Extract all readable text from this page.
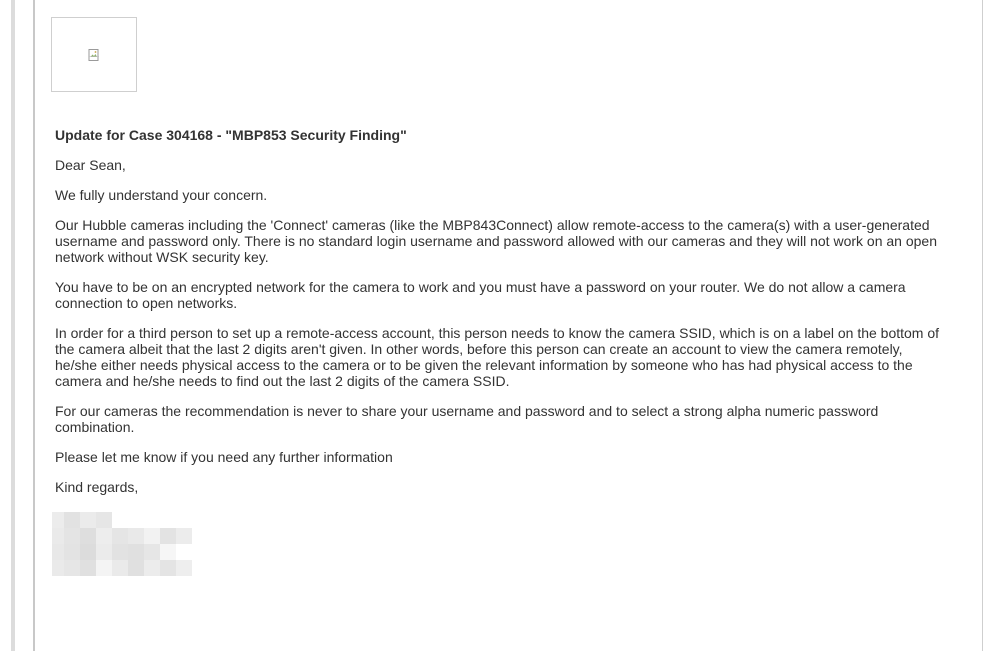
Update for Case 304168 - "MBP853 Security Finding"

Dear Sean,

We fully understand your concern.

Our Hubble cameras including the 'Connect' cameras (like the MBP843Connect) allow remote-access to the camera(s) with a user-generated username and password only. There is no standard login username and password allowed with our cameras and they will not work on an open network without WSK security key.

You have to be on an encrypted network for the camera to work and you must have a password on your router. We do not allow a camera connection to open networks.

In order for a third person to set up a remote-access account, this person needs to know the camera SSID, which is on a label on the bottom of the camera albeit that the last 2 digits aren't given. In other words, before this person can create an account to view the camera remotely, he/she either needs physical access to the camera or to be given the relevant information by someone who has had physical access to the camera and he/she needs to find out the last 2 digits of the camera SSID.

For our cameras the recommendation is never to share your username and password and to select a strong alpha numeric password combination.

Please let me know if you need any further information

Kind regards,
